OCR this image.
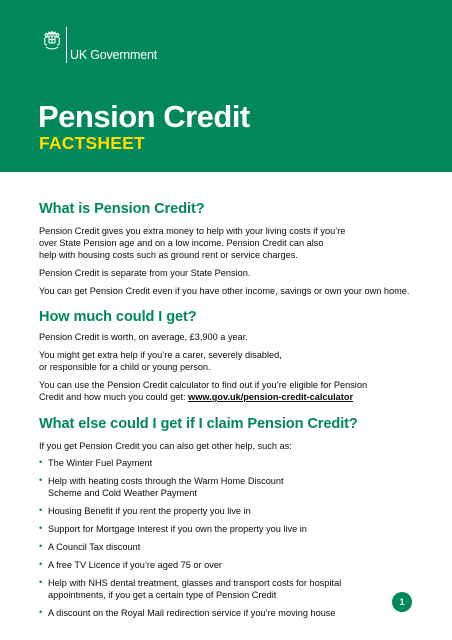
UK Government
Pension Credit
FACTSHEET
What is Pension Credit?

Pension Credit gives you extra money to help with your living costs if you’re
over State Pension age and on a low income. Pension Credit can also
help with housing costs such as ground rent or service charges.

Pension Credit is separate from your State Pension.

You can get Pension Credit even if you have other income, savings or own your own home.

How much could I get?

Pension Credit is worth, on average, £3,900 a year.

You might get extra help if you’re a carer, severely disabled,
or responsible for a child or young person.

You can use the Pension Credit calculator to find out if you’re eligible for Pension
Credit and how much you could get: www.gov.uk/pension-credit-calculator

What else could I get if I claim Pension Credit?

If you get Pension Credit you can also get other help, such as:

• The Winter Fuel Payment
• Help with heating costs through the Warm Home Discount
Scheme and Cold Weather Payment
• Housing Benefit if you rent the property you live in
• Support for Mortgage Interest if you own the property you live in
• A Council Tax discount
• A free TV Licence if you’re aged 75 or over
• Help with NHS dental treatment, glasses and transport costs for hospital
appointments, if you get a certain type of Pension Credit
• A discount on the Royal Mail redirection service if you’re moving house
1
